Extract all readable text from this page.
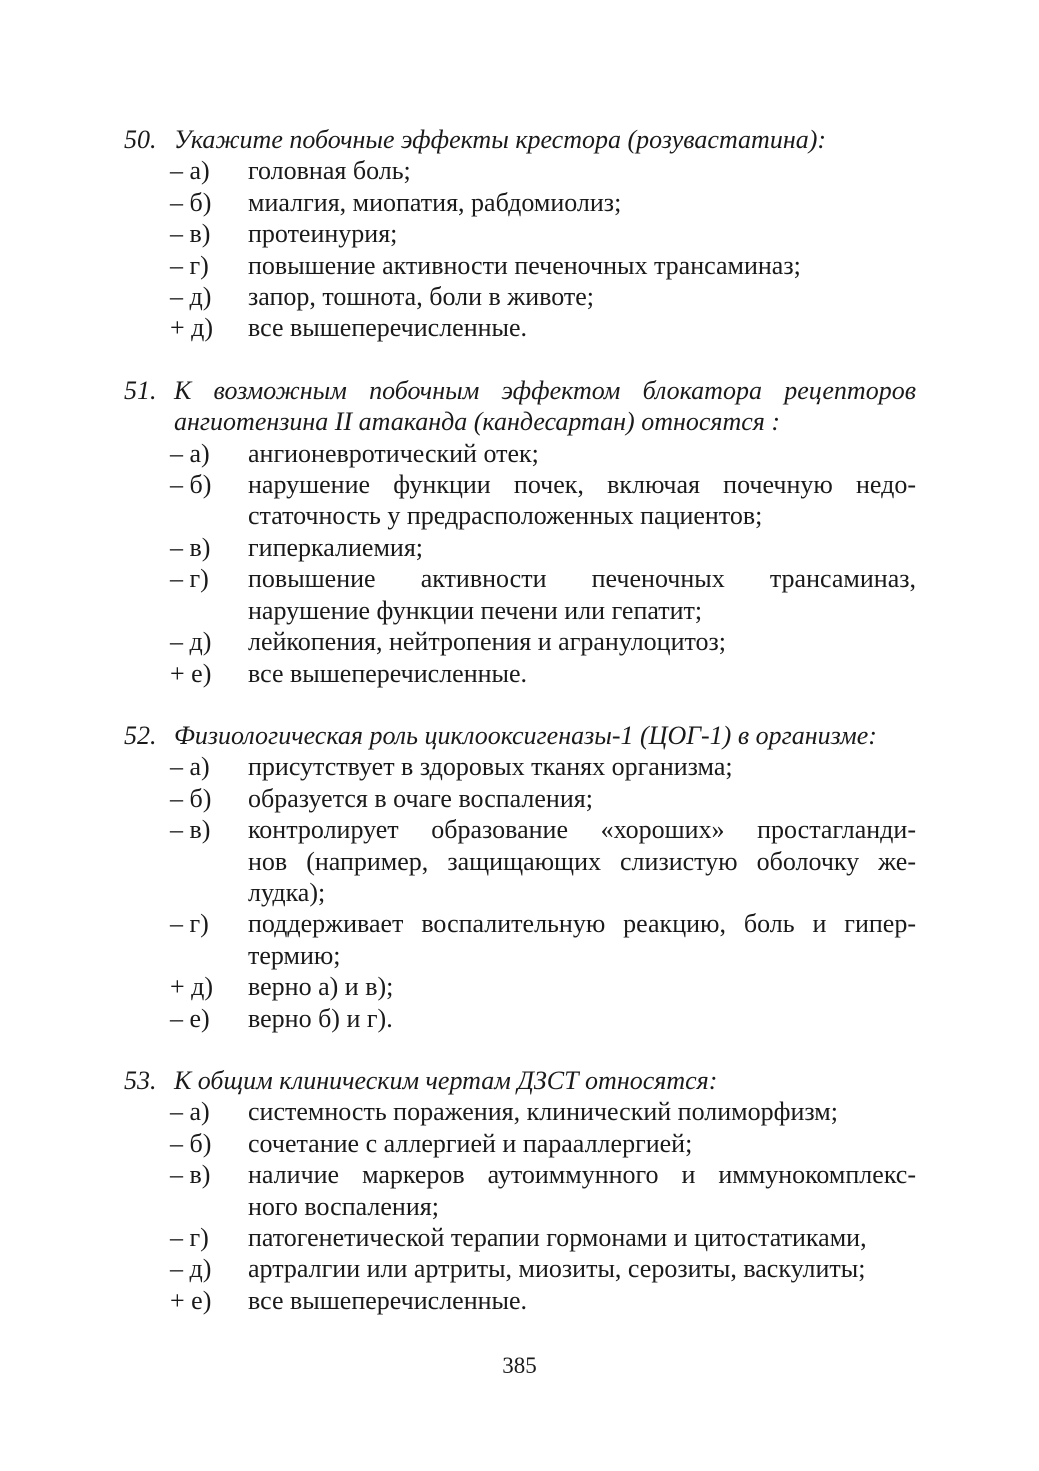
50. Укажите побочные эффекты крестора (розувастатина):
– а)	головная боль;
– б)	миалгия, миопатия, рабдомиолиз;
– в)	протеинурия;
– г)	повышение активности печеночных трансаминаз;
– д)	запор, тошнота, боли в животе;
+ д)	все вышеперечисленные.
51. К возможным побочным эффектом блокатора рецепторов
ангиотензина II атаканда (кандесартан) относятся :
– а)	ангионевротический отек;
– б)	нарушение функции почек, включая почечную недо-
статочность у предрасположенных пациентов;
– в)	гиперкалиемия;
– г)	повышение активности печеночных трансаминаз,
нарушение функции печени или гепатит;
– д)	лейкопения, нейтропения и агранулоцитоз;
+ е)	все вышеперечисленные.
52. Физиологическая роль циклооксигеназы-1 (ЦОГ-1) в организме:
– а)	присутствует в здоровых тканях организма;
– б)	образуется в очаге воспаления;
– в)	контролирует образование «хороших» простагланди-
нов (например, защищающих слизистую оболочку же-
лудка);
– г)	поддерживает воспалительную реакцию, боль и гипер-
термию;
+ д)	верно а) и в);
– е)	верно б) и г).
53. К общим клиническим чертам ДЗСТ относятся:
– а)	системность поражения, клинический полиморфизм;
– б)	сочетание с аллергией и парааллергией;
– в)	наличие маркеров аутоиммунного и иммунокомплекс-
ного воспаления;
– г)	патогенетической терапии гормонами и цитостатиками,
– д)	артралгии или артриты, миозиты, серозиты, васкулиты;
+ е)	все вышеперечисленные.
385
